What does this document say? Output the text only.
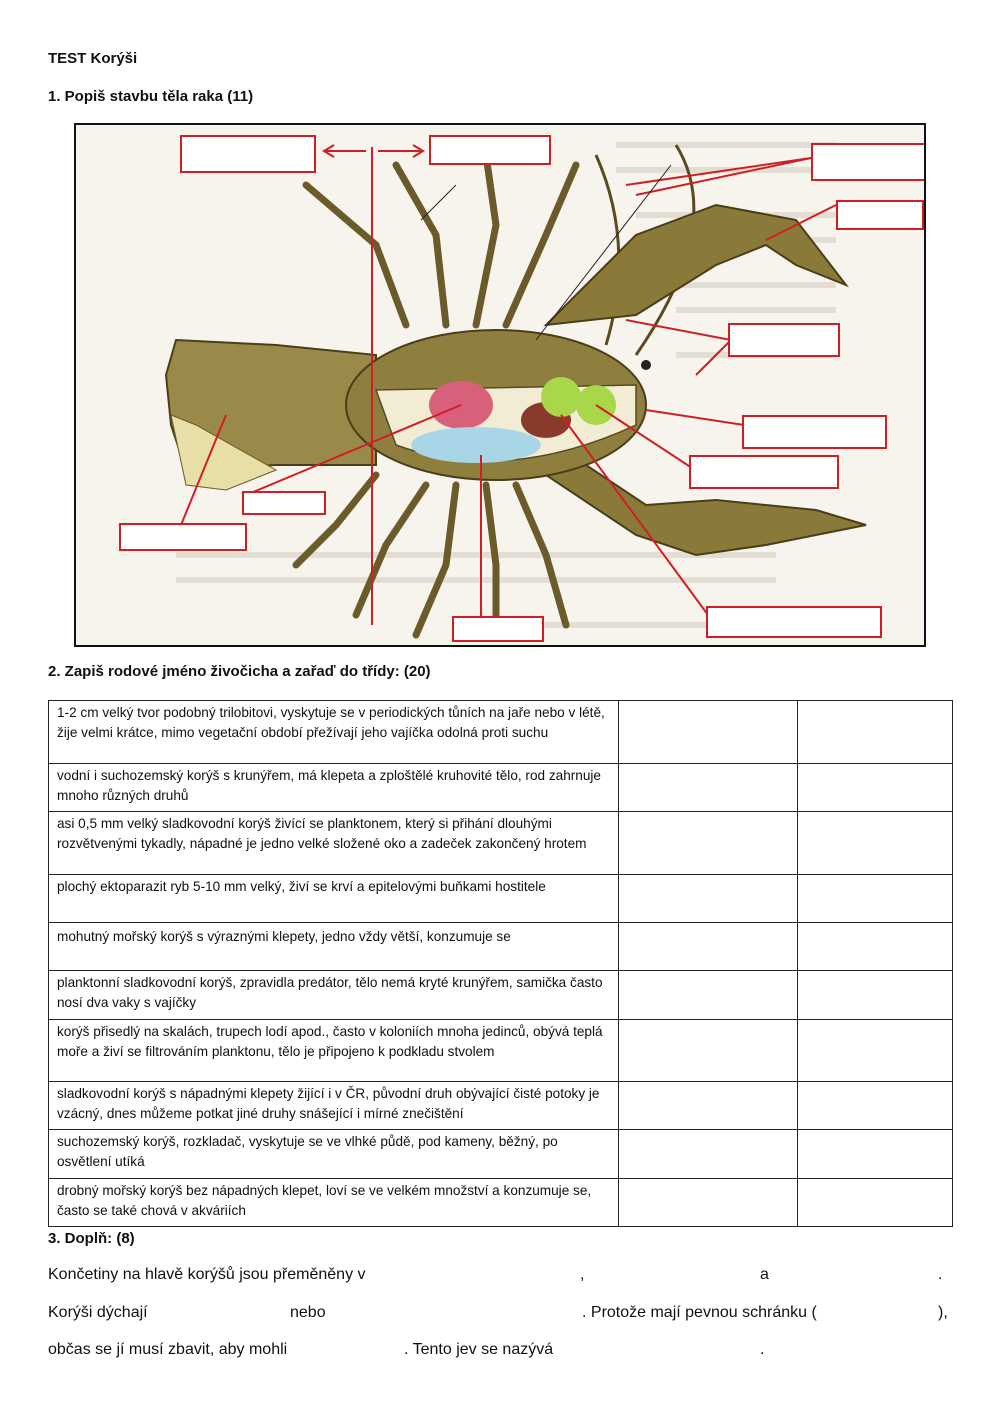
TEST Korýši
1. Popiš stavbu těla raka (11)
2. Zapiš rodové jméno živočicha a zařaď do třídy: (20)
1-2 cm velký tvor podobný trilobitovi, vyskytuje se v periodických tůních na jaře nebo v létě, žije velmi krátce, mimo vegetační období přežívají jeho vajíčka odolná proti suchu		
vodní i suchozemský korýš s krunýřem, má klepeta a zploštělé kruhovité tělo, rod zahrnuje mnoho různých druhů		
asi 0,5 mm velký sladkovodní korýš živící se planktonem, který si přihání dlouhými rozvětvenými tykadly, nápadné je jedno velké složené oko a zadeček zakončený hrotem		
plochý ektoparazit ryb 5-10 mm velký, živí se krví a epitelovými buňkami hostitele		
mohutný mořský korýš s výraznými klepety, jedno vždy větší, konzumuje se		
planktonní sladkovodní korýš, zpravidla predátor, tělo nemá kryté krunýřem, samička často nosí dva vaky s vajíčky		
korýš přisedlý na skalách, trupech lodí apod., často v koloniích mnoha jedinců, obývá teplá moře a živí se filtrováním planktonu, tělo je připojeno k podkladu stvolem		
sladkovodní korýš s nápadnými klepety žijící i v ČR, původní druh obývající čisté potoky je vzácný, dnes můžeme potkat jiné druhy snášející i mírné znečištění		
suchozemský korýš, rozkladač, vyskytuje se ve vlhké půdě, pod kameny, běžný, po osvětlení utíká		
drobný mořský korýš bez nápadných klepet, loví se ve velkém množství a konzumuje se, často se také chová v akváriích		
3. Doplň: (8)
Končetiny na hlavě korýšů jsou přeměněny v	,	a	.
Korýši dýchají	nebo	. Protože mají pevnou schránku (	),
občas se jí musí zbavit, aby mohli	. Tento jev se nazývá	.
